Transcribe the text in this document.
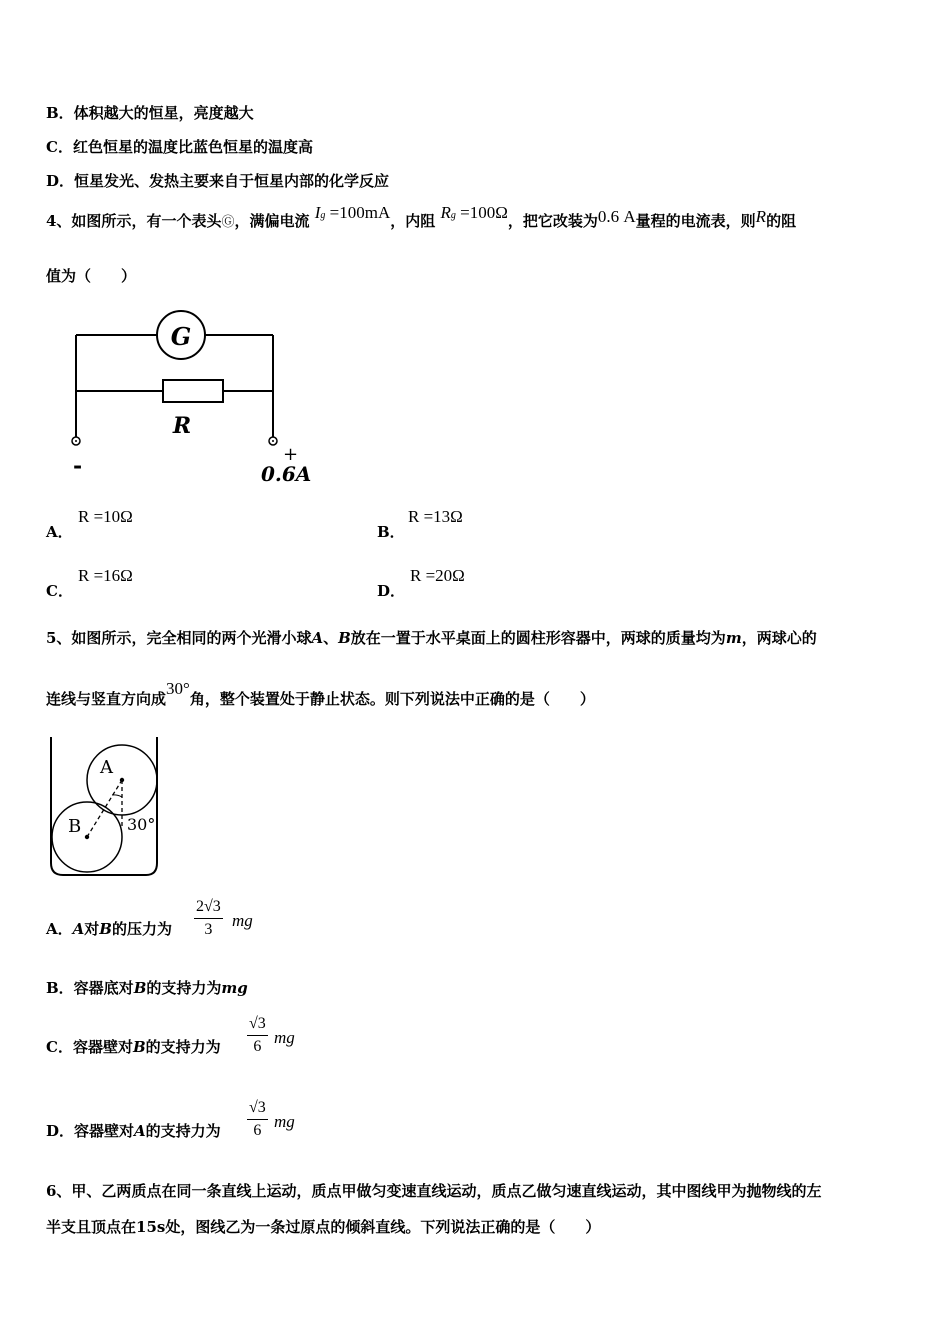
B．体积越大的恒星，亮度越大
C．红色恒星的温度比蓝色恒星的温度高
D．恒星发光、发热主要来自于恒星内部的化学反应
4、如图所示，有一个表头Ⓖ，满偏电流 Ig =100mA，内阻 Rg =100Ω，把它改装为0.6 A量程的电流表，则R的阻
值为（　　）
G
R
-	+
0.6A
A．
R =10Ω
B．
R =13Ω
C．
R =16Ω
D．
R =20Ω
5、如图所示，完全相同的两个光滑小球A、B放在一置于水平桌面上的圆柱形容器中，两球的质量均为m，两球心的
连线与竖直方向成30°角，整个装置处于静止状态。则下列说法中正确的是（　　）
A
B	30°
A．A对B的压力为 $\frac{2√3}{3}$ mg
B．容器底对B的支持力为mg
C．容器壁对B的支持力为 $\frac{√3}{6}$ mg
D．容器壁对A的支持力为 $\frac{√3}{6}$ mg
6、甲、乙两质点在同一条直线上运动，质点甲做匀变速直线运动，质点乙做匀速直线运动，其中图线甲为抛物线的左
半支且顶点在15s处，图线乙为一条过原点的倾斜直线。下列说法正确的是（　　）
